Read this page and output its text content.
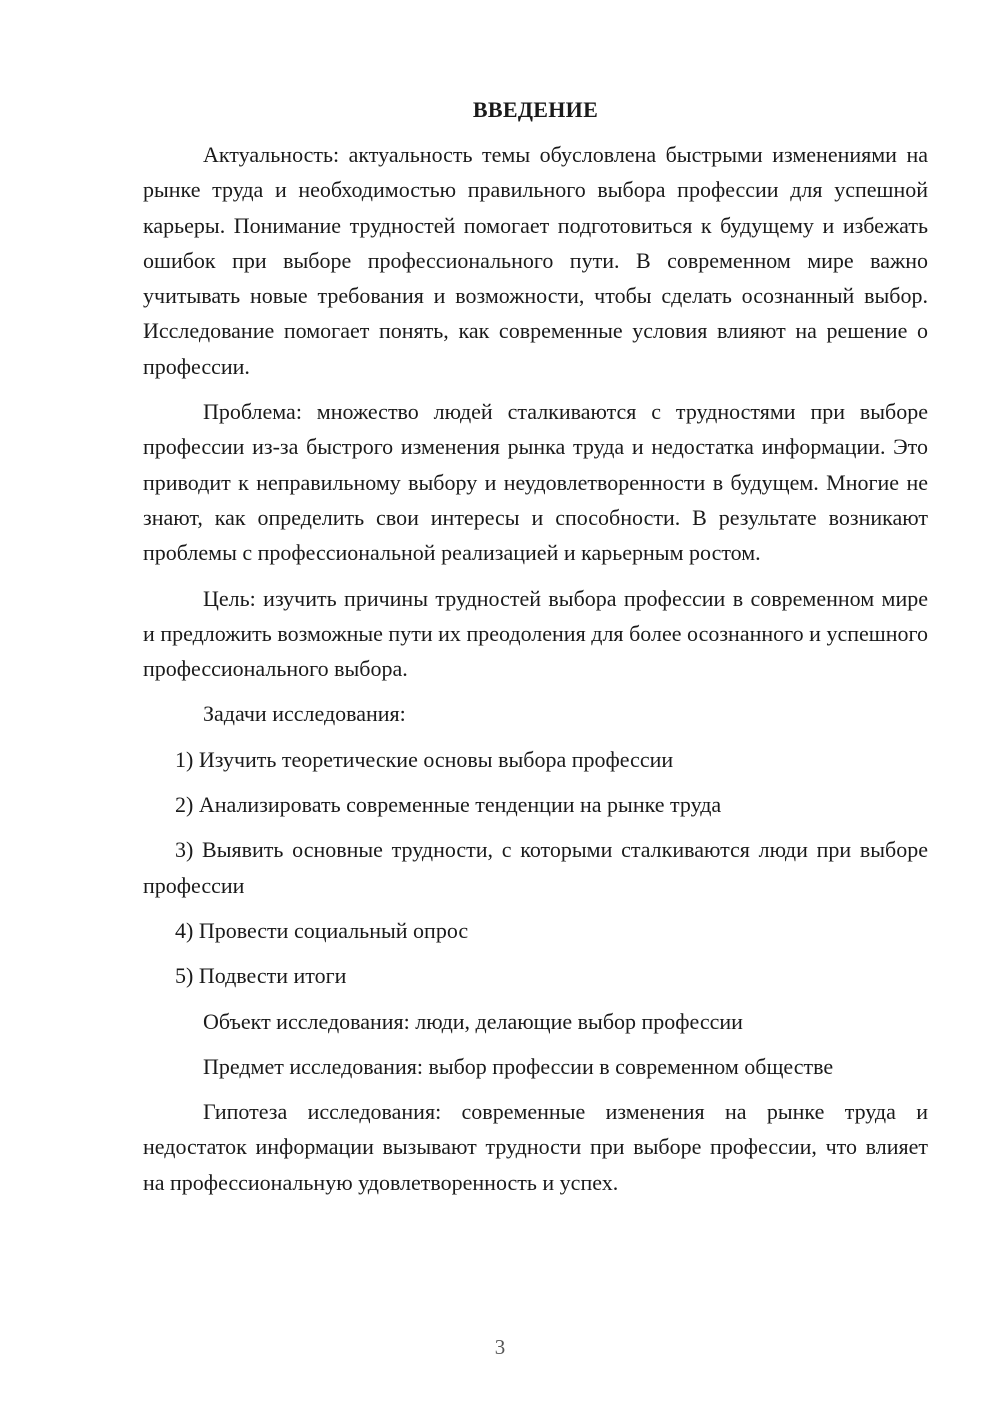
ВВЕДЕНИЕ

Актуальность: актуальность темы обусловлена быстрыми изменениями на рынке труда и необходимостью правильного выбора профессии для успешной карьеры. Понимание трудностей помогает подготовиться к будущему и избежать ошибок при выборе профессионального пути. В современном мире важно учитывать новые требования и возможности, чтобы сделать осознанный выбор. Исследование помогает понять, как современные условия влияют на решение о профессии.

Проблема: множество людей сталкиваются с трудностями при выборе профессии из-за быстрого изменения рынка труда и недостатка информации. Это приводит к неправильному выбору и неудовлетворенности в будущем. Многие не знают, как определить свои интересы и способности. В результате возникают проблемы с профессиональной реализацией и карьерным ростом.

Цель: изучить причины трудностей выбора профессии в современном мире и предложить возможные пути их преодоления для более осознанного и успешного профессионального выбора.

Задачи исследования:

1) Изучить теоретические основы выбора профессии

2) Анализировать современные тенденции на рынке труда

3) Выявить основные трудности, с которыми сталкиваются люди при выборе профессии

4) Провести социальный опрос

5) Подвести итоги

Объект исследования: люди, делающие выбор профессии

Предмет исследования: выбор профессии в современном обществе

Гипотеза исследования: современные изменения на рынке труда и недостаток информации вызывают трудности при выборе профессии, что влияет на профессиональную удовлетворенность и успех.

3
